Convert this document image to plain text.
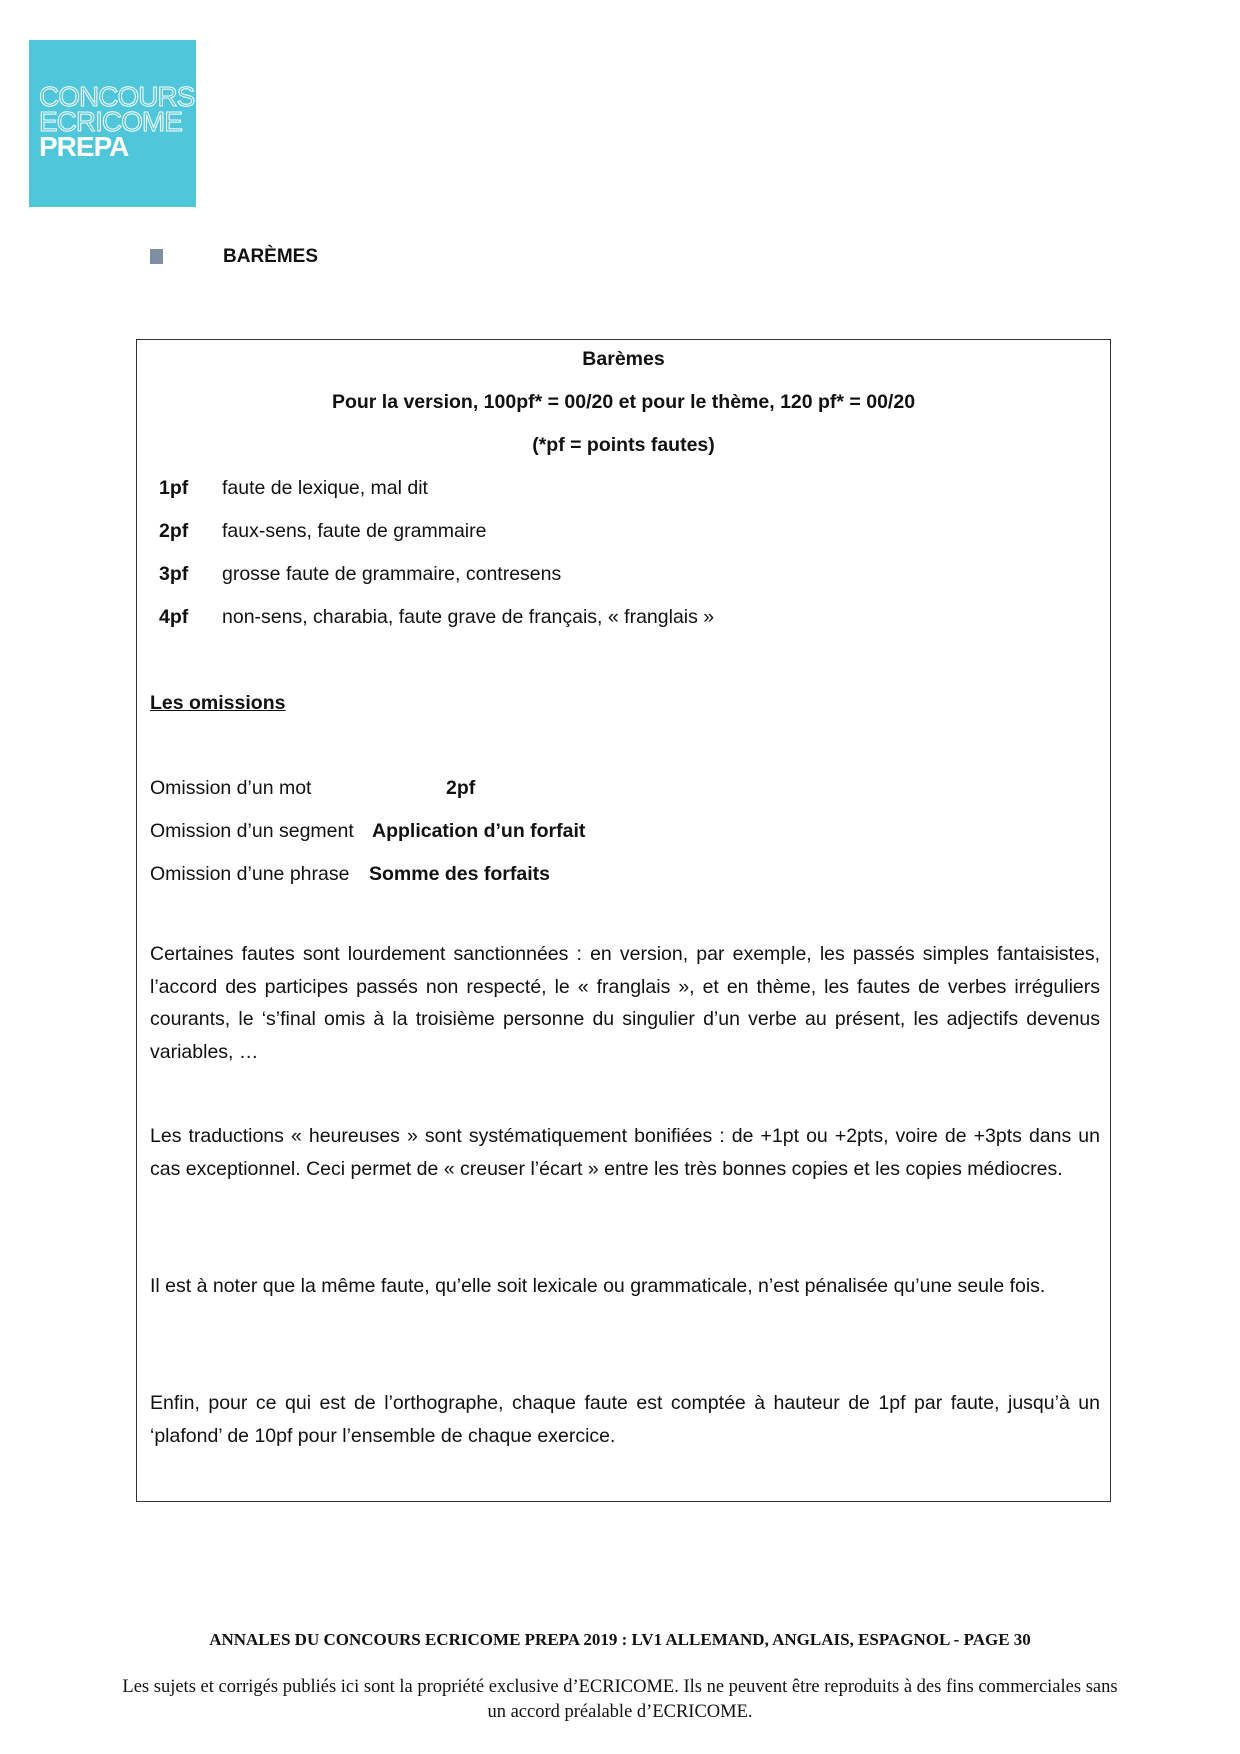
CONCOURS
ECRICOME
PREPA
BARÈMES
Barèmes
Pour la version, 100pf* = 00/20 et pour le thème, 120 pf* = 00/20
(*pf = points fautes)
1pf faute de lexique, mal dit
2pf faux-sens, faute de grammaire
3pf grosse faute de grammaire, contresens
4pf non-sens, charabia, faute grave de français, « franglais »
Les omissions
Omission d’un mot	2pf
Omission d’un segment Application d’un forfait
Omission d’une phrase Somme des forfaits
Certaines fautes sont lourdement sanctionnées : en version, par exemple, les passés simples fantaisistes, l’accord des participes passés non respecté, le « franglais », et en thème, les fautes de verbes irréguliers courants, le ‘s’final omis à la troisième personne du singulier d’un verbe au présent, les adjectifs devenus variables, …
Les traductions « heureuses » sont systématiquement bonifiées : de +1pt ou +2pts, voire de +3pts dans un cas exceptionnel. Ceci permet de « creuser l’écart » entre les très bonnes copies et les copies médiocres.
Il est à noter que la même faute, qu’elle soit lexicale ou grammaticale, n’est pénalisée qu’une seule fois.
Enfin, pour ce qui est de l’orthographe, chaque faute est comptée à hauteur de 1pf par faute, jusqu’à un ‘plafond’ de 10pf pour l’ensemble de chaque exercice.
ANNALES DU CONCOURS ECRICOME PREPA 2019 : LV1 ALLEMAND, ANGLAIS, ESPAGNOL - PAGE 30
Les sujets et corrigés publiés ici sont la propriété exclusive d’ECRICOME. Ils ne peuvent être reproduits à des fins commerciales sans un accord préalable d’ECRICOME.
